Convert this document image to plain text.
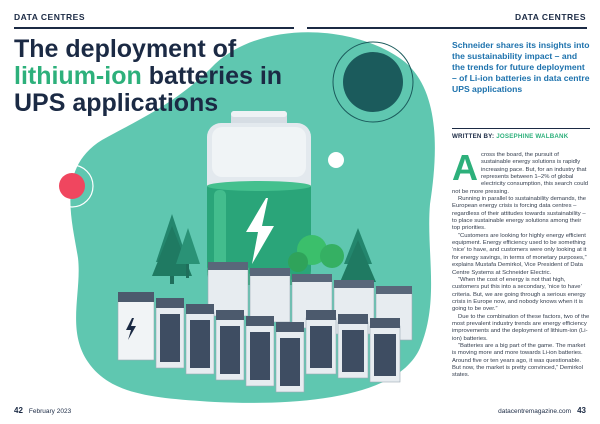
DATA CENTRES	DATA CENTRES
The deployment of
lithium-ion batteries in
UPS applications
Schneider shares its insights into the sustainability impact – and the trends for future deployment – of Li-ion batteries in data centre UPS applications
WRITTEN BY: JOSEPHINE WALBANK

Across the board, the pursuit of sustainable energy solutions is rapidly increasing pace. But, for an industry that represents between 1–2% of global electricity consumption, this search could not be more pressing.

Running in parallel to sustainability demands, the European energy crisis is forcing data centres – regardless of their attitudes towards sustainability – to place sustainable energy solutions among their top priorities.

“Customers are looking for highly energy efficient equipment. Energy efficiency used to be something ‘nice’ to have, and customers were only looking at it for energy savings, in terms of monetary purposes,” explains Mustafa Demirkol, Vice President of Data Centre Systems at Schneider Electric.

“When the cost of energy is not that high, customers put this into a secondary, ‘nice to have’ criteria. But, we are going through a serious energy crisis in Europe now, and nobody knows when it is going to be over.”

Due to the combination of these factors, two of the most prevalent industry trends are energy efficiency improvements and the deployment of lithium-ion (Li-ion) batteries.

“Batteries are a big part of the game. The market is moving more and more towards Li-ion batteries. Around five or ten years ago, it was questionable. But now, the market is pretty convinced,” Demirkol states.

42 February 2023	datacentremagazine.com 43
